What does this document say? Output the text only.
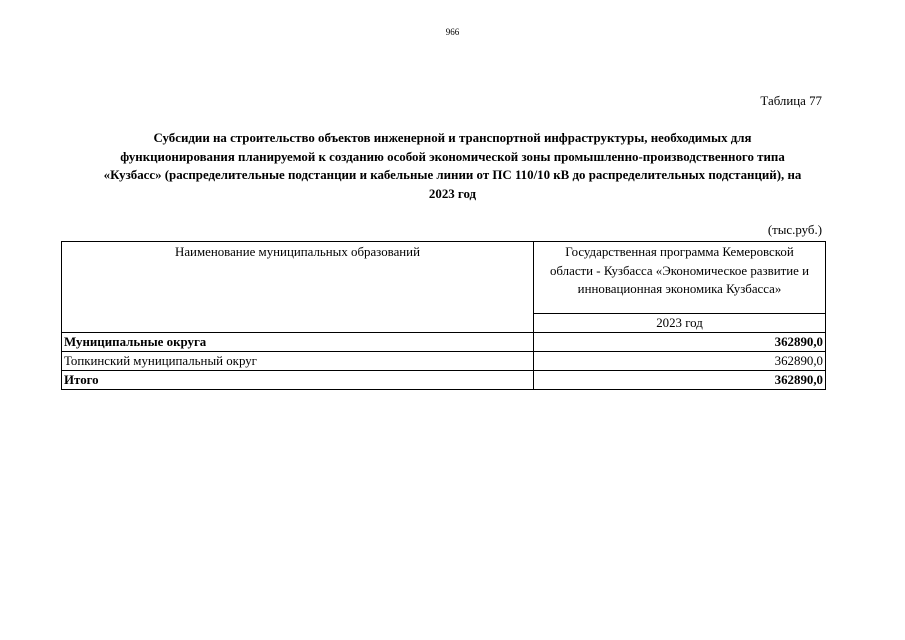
966
Таблица 77
Субсидии на строительство объектов инженерной и транспортной инфраструктуры, необходимых для
функционирования планируемой к созданию особой экономической зоны промышленно-производственного типа
«Кузбасс» (распределительные подстанции и кабельные линии от ПС 110/10 кВ до распределительных подстанций), на
2023 год
(тыс.руб.)
Наименование муниципальных образований	Государственная программа Кемеровской
области - Кузбасса «Экономическое развитие и
инновационная экономика Кузбасса»

	2023 год
Муниципальные округа	362890,0
Топкинский муниципальный округ	362890,0
Итого	362890,0
